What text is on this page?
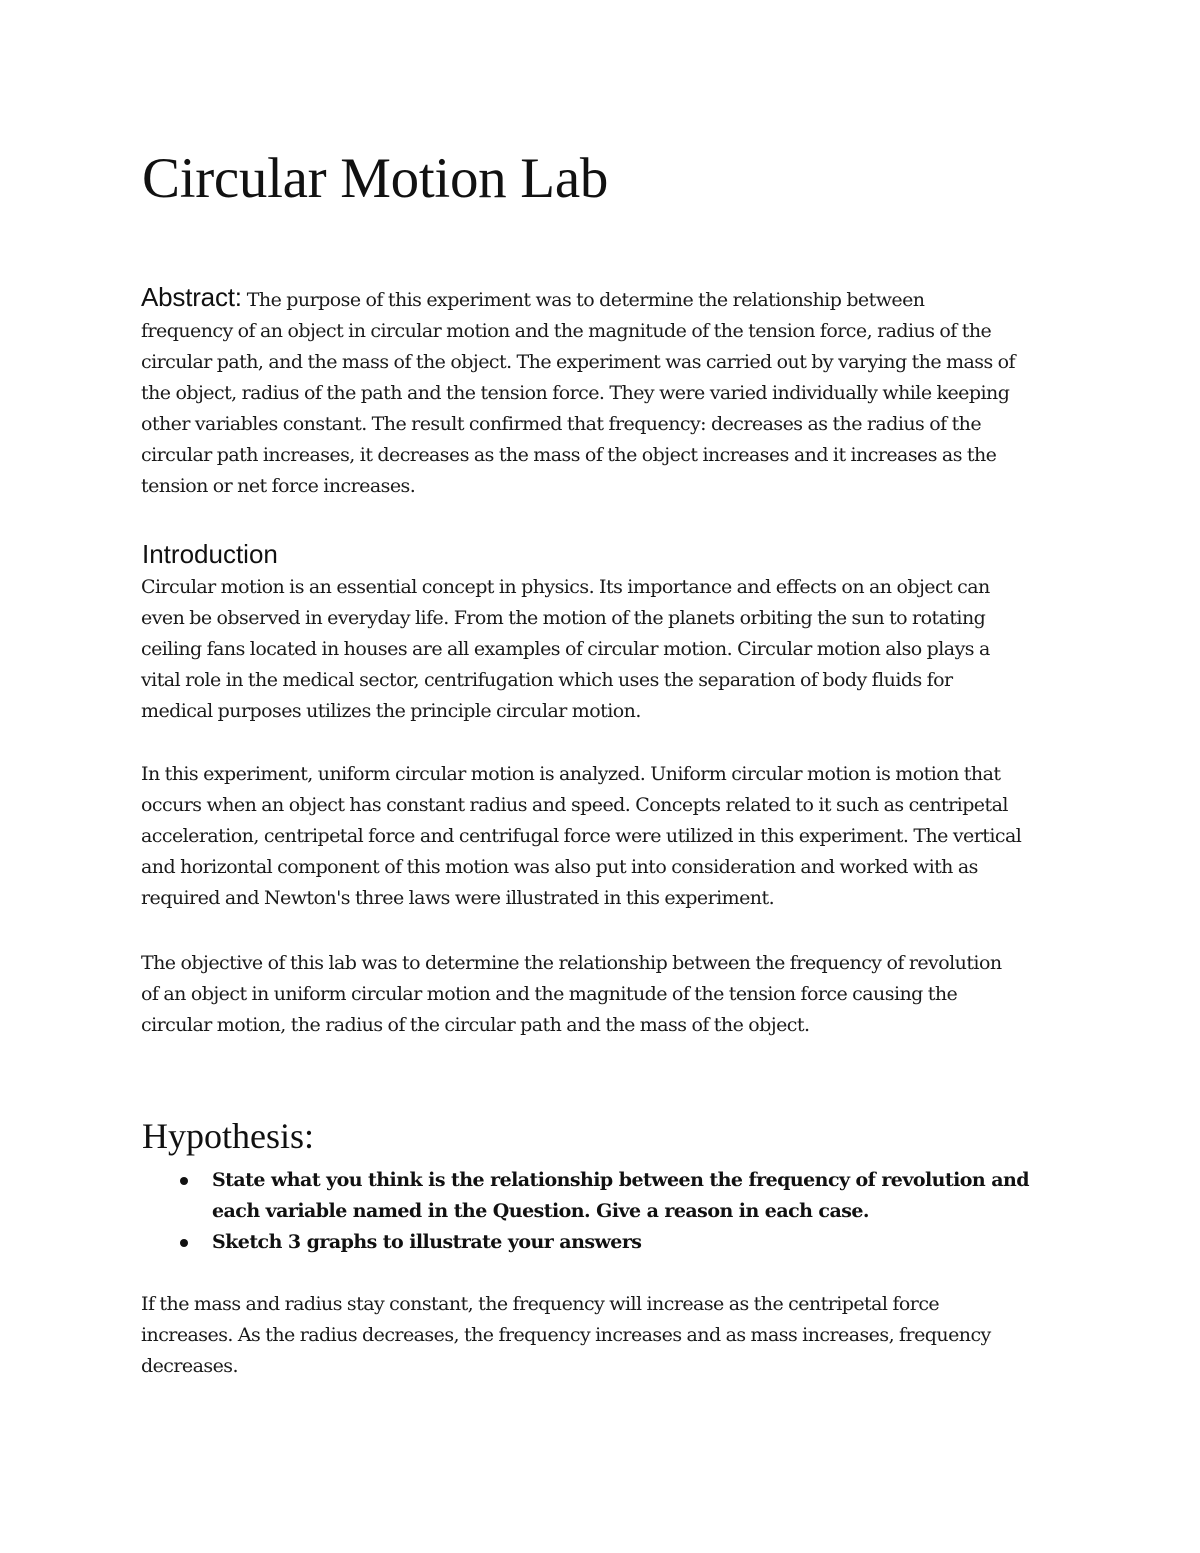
Circular Motion Lab
Abstract: The purpose of this experiment was to determine the relationship between
frequency of an object in circular motion and the magnitude of the tension force, radius of the
circular path, and the mass of the object. The experiment was carried out by varying the mass of
the object, radius of the path and the tension force. They were varied individually while keeping
other variables constant. The result confirmed that frequency: decreases as the radius of the
circular path increases, it decreases as the mass of the object increases and it increases as the
tension or net force increases.
Introduction
Circular motion is an essential concept in physics. Its importance and effects on an object can
even be observed in everyday life. From the motion of the planets orbiting the sun to rotating
ceiling fans located in houses are all examples of circular motion. Circular motion also plays a
vital role in the medical sector, centrifugation which uses the separation of body fluids for
medical purposes utilizes the principle circular motion.
In this experiment, uniform circular motion is analyzed. Uniform circular motion is motion that
occurs when an object has constant radius and speed. Concepts related to it such as centripetal
acceleration, centripetal force and centrifugal force were utilized in this experiment. The vertical
and horizontal component of this motion was also put into consideration and worked with as
required and Newton's three laws were illustrated in this experiment.
The objective of this lab was to determine the relationship between the frequency of revolution
of an object in uniform circular motion and the magnitude of the tension force causing the
circular motion, the radius of the circular path and the mass of the object.
Hypothesis:
State what you think is the relationship between the frequency of revolution and
each variable named in the Question. Give a reason in each case.
Sketch 3 graphs to illustrate your answers
If the mass and radius stay constant, the frequency will increase as the centripetal force
increases. As the radius decreases, the frequency increases and as mass increases, frequency
decreases.
